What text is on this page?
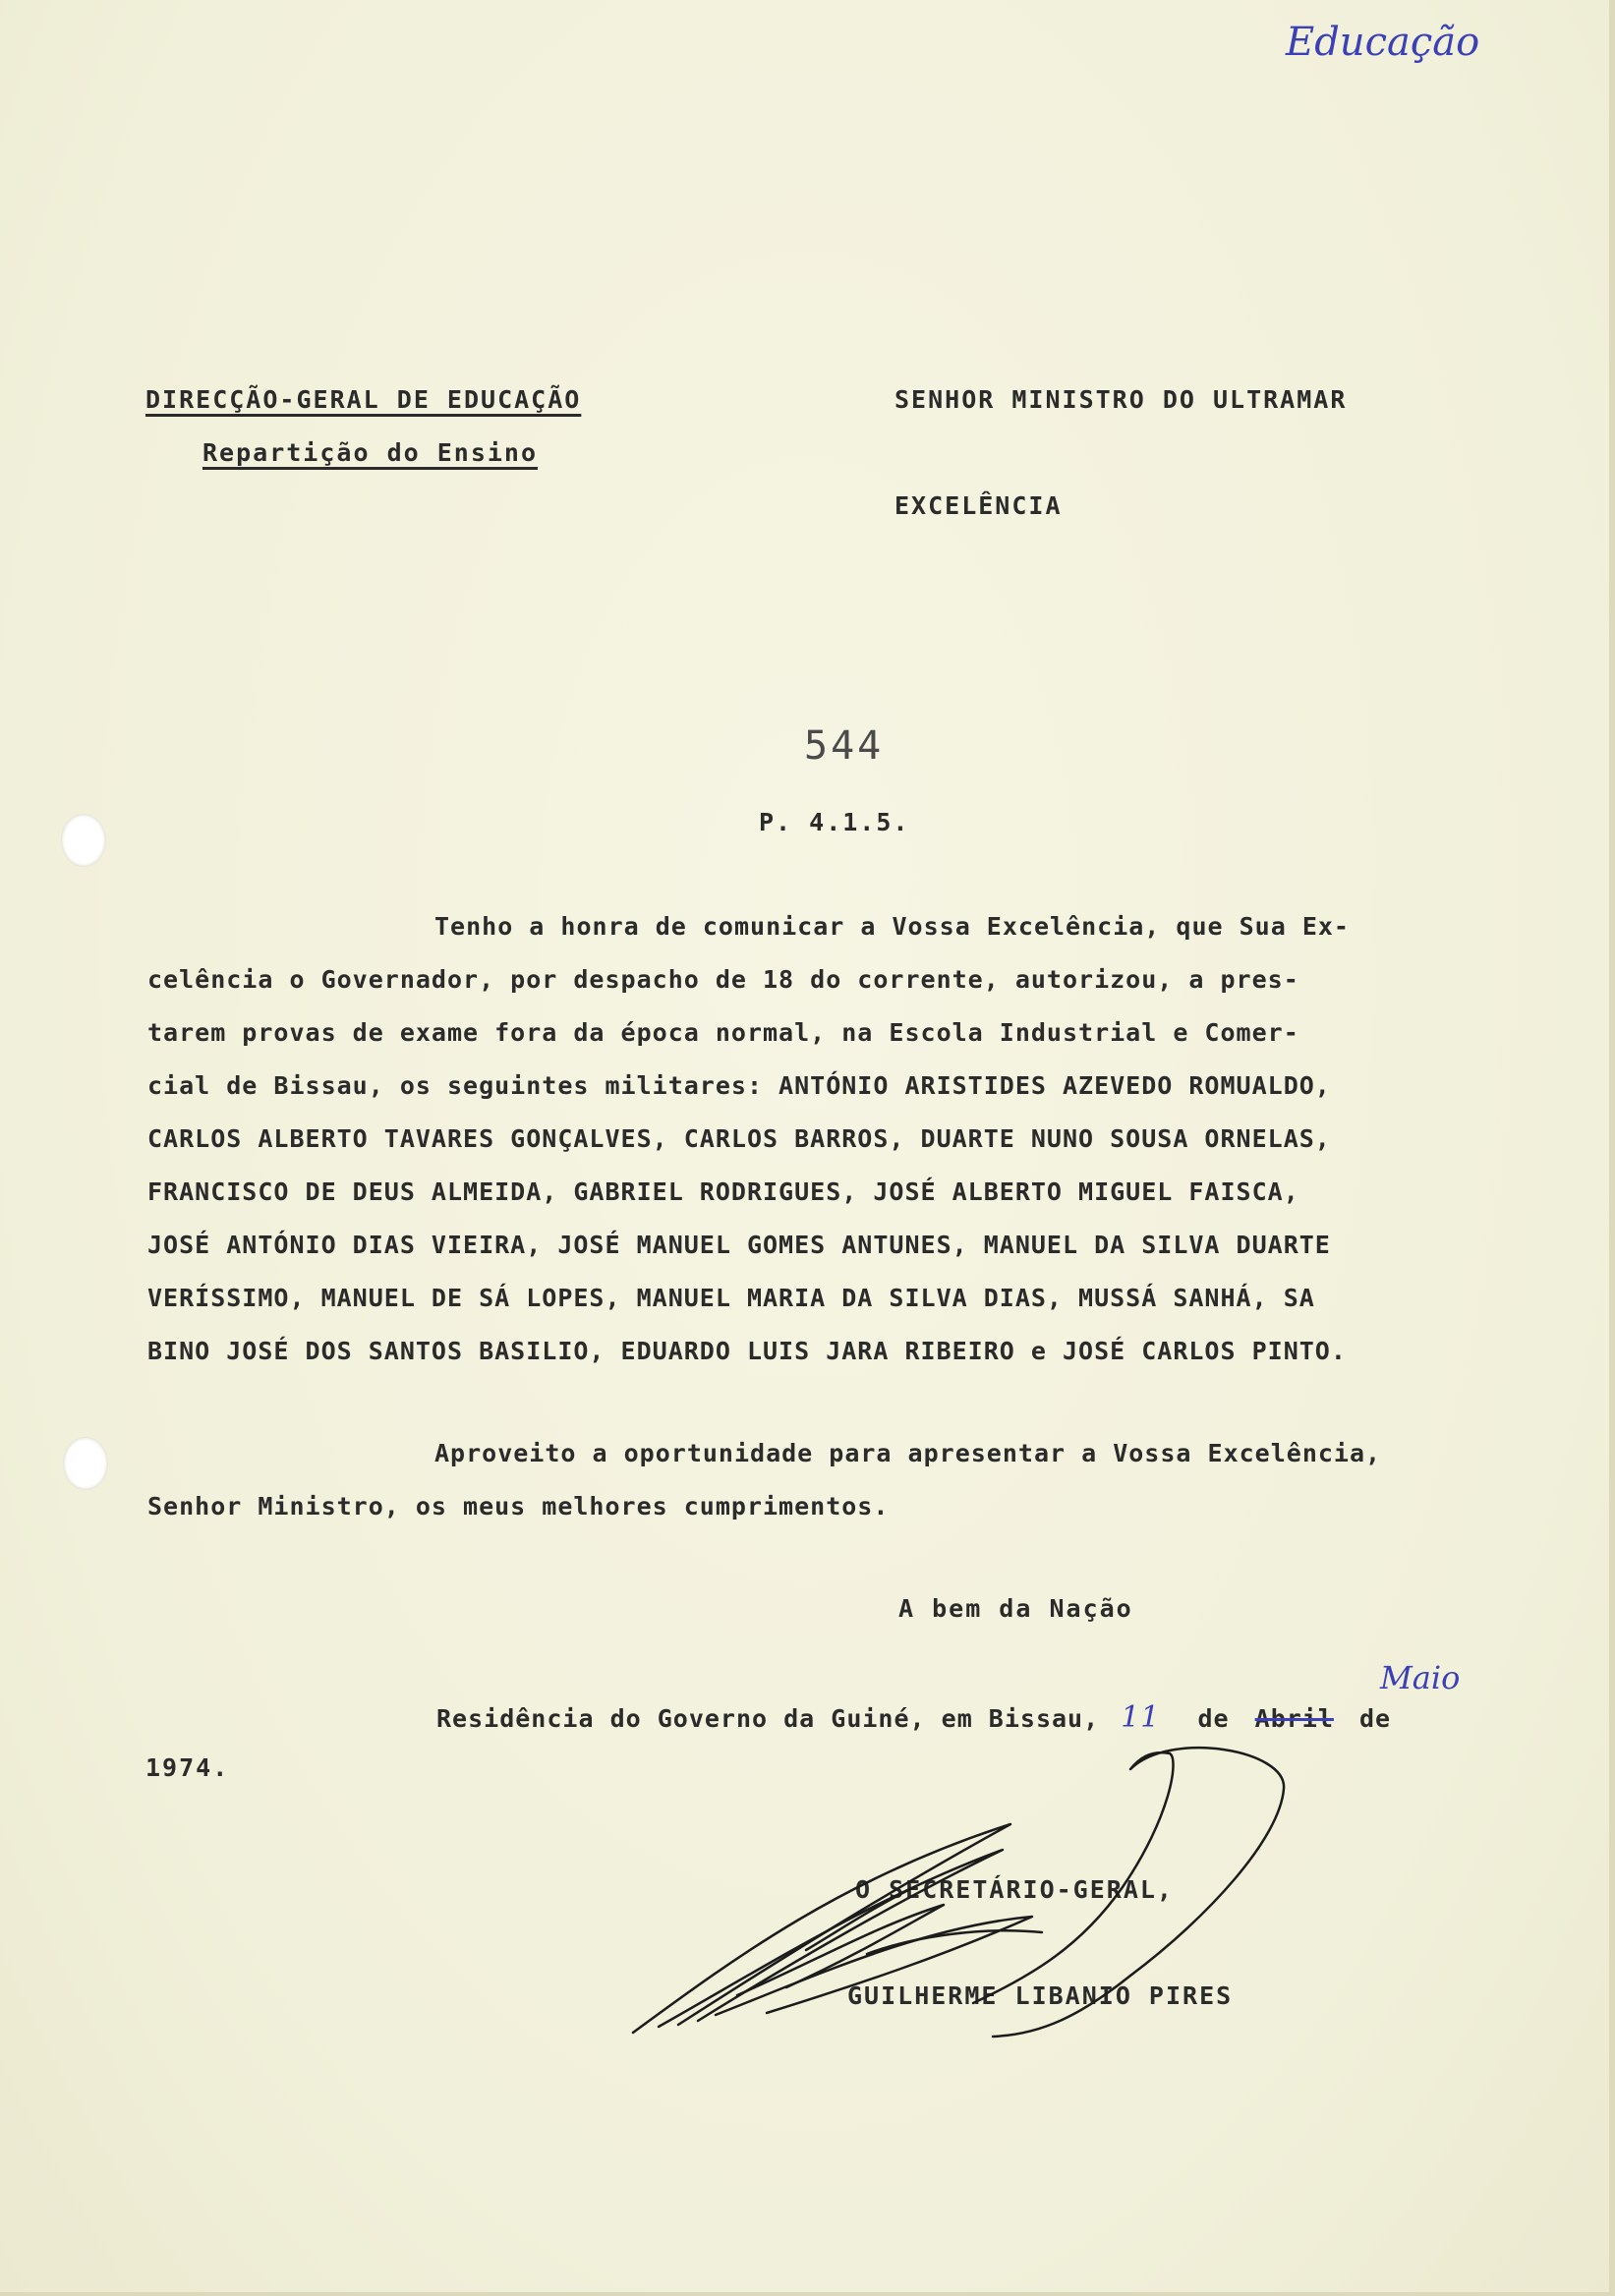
Educação
DIRECÇÃO-GERAL DE EDUCAÇÃO
Repartição do Ensino
SENHOR MINISTRO DO ULTRAMAR
EXCELÊNCIA
544
P. 4.1.5.
Tenho a honra de comunicar a Vossa Excelência, que Sua Ex-
celência o Governador, por despacho de 18 do corrente, autorizou, a pres-
tarem provas de exame fora da época normal, na Escola Industrial e Comer-
cial de Bissau, os seguintes militares: ANTÓNIO ARISTIDES AZEVEDO ROMUALDO,
CARLOS ALBERTO TAVARES GONÇALVES, CARLOS BARROS, DUARTE NUNO SOUSA ORNELAS,
FRANCISCO DE DEUS ALMEIDA, GABRIEL RODRIGUES, JOSÉ ALBERTO MIGUEL FAISCA,
JOSÉ ANTÓNIO DIAS VIEIRA, JOSÉ MANUEL GOMES ANTUNES, MANUEL DA SILVA DUARTE
VERÍSSIMO, MANUEL DE SÁ LOPES, MANUEL MARIA DA SILVA DIAS, MUSSÁ SANHÁ, SA
BINO JOSÉ DOS SANTOS BASILIO, EDUARDO LUIS JARA RIBEIRO e JOSÉ CARLOS PINTO.
Aproveito a oportunidade para apresentar a Vossa Excelência,
Senhor Ministro, os meus melhores cumprimentos.
A bem da Nação
Residência do Governo da Guiné, em Bissau, 11 de Abril de
Maio
1974.
O SECRETÁRIO-GERAL,
GUILHERME LIBANIO PIRES
